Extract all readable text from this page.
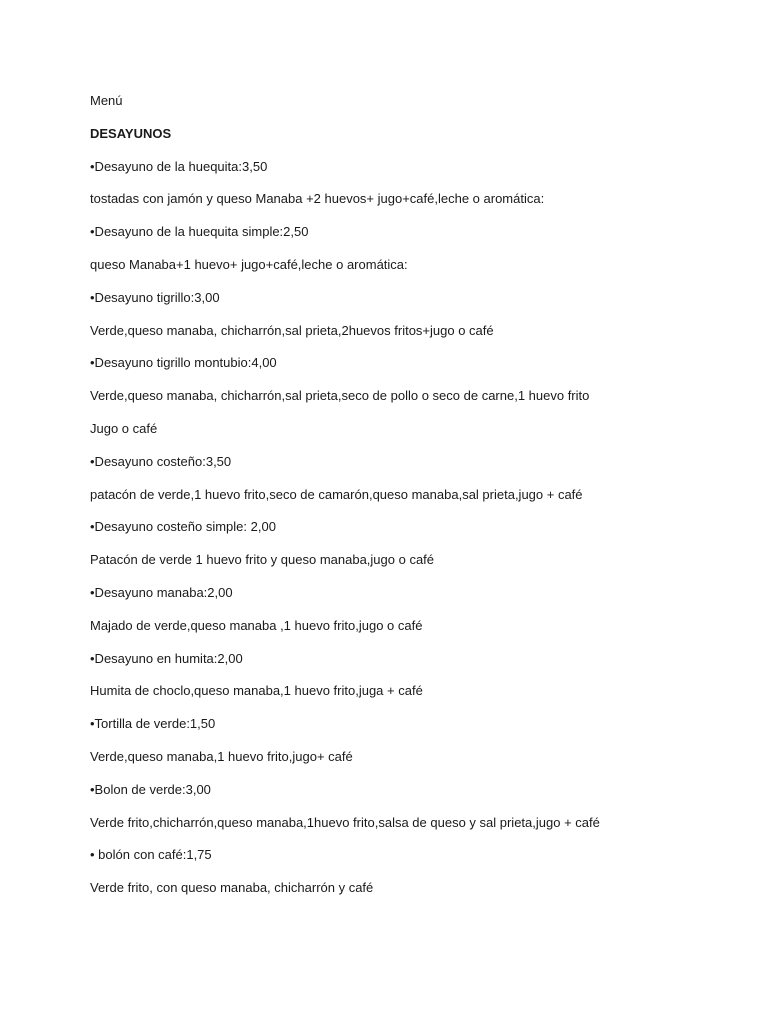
Menú
DESAYUNOS
•Desayuno de la huequita:3,50
tostadas con jamón y queso Manaba +2 huevos+ jugo+café,leche o aromática:
•Desayuno de la huequita simple:2,50
queso Manaba+1 huevo+ jugo+café,leche o aromática:
•Desayuno tigrillo:3,00
Verde,queso manaba, chicharrón,sal prieta,2huevos fritos+jugo o café
•Desayuno tigrillo montubio:4,00
Verde,queso manaba, chicharrón,sal prieta,seco de pollo o seco de carne,1 huevo frito
Jugo o café
•Desayuno costeño:3,50
patacón de verde,1 huevo frito,seco de camarón,queso manaba,sal prieta,jugo + café
•Desayuno costeño simple: 2,00
Patacón de verde 1 huevo frito y queso manaba,jugo o café
•Desayuno manaba:2,00
Majado de verde,queso manaba ,1 huevo frito,jugo o café
•Desayuno en humita:2,00
Humita de choclo,queso manaba,1 huevo frito,juga + café
•Tortilla de verde:1,50
Verde,queso manaba,1 huevo frito,jugo+ café
•Bolon de verde:3,00
Verde frito,chicharrón,queso manaba,1huevo frito,salsa de queso y sal prieta,jugo + café
• bolón con café:1,75
Verde frito, con queso manaba, chicharrón y café
